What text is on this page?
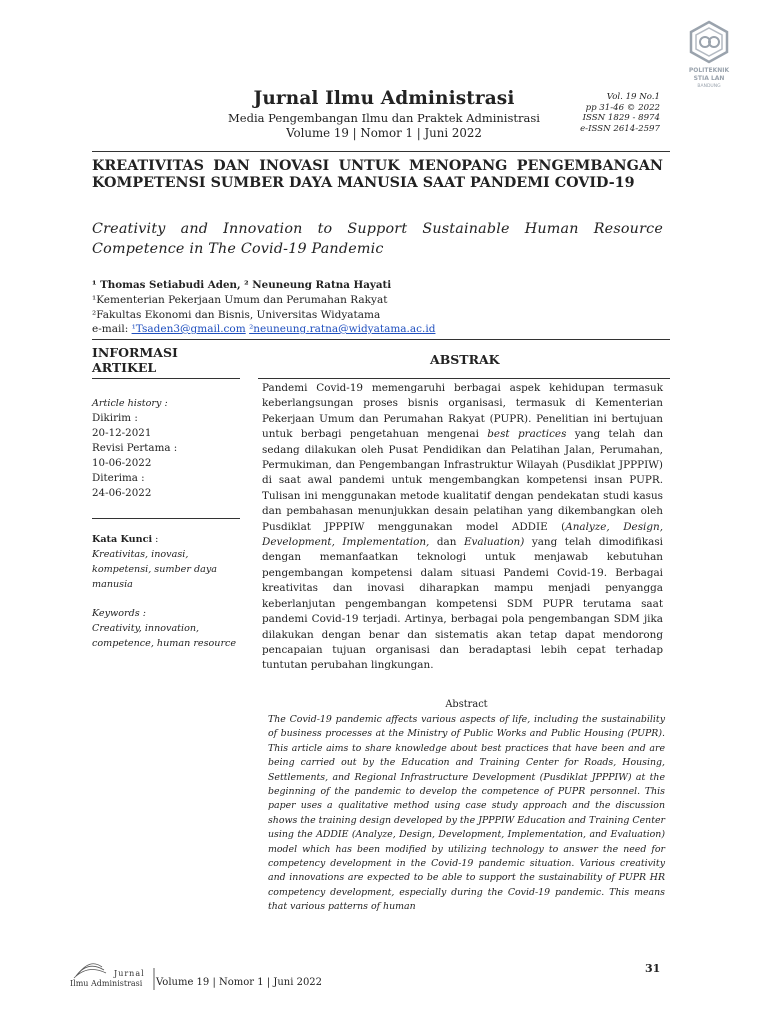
POLITEKNIK
STIA LAN
BANDUNG
Jurnal Ilmu Administrasi
Media Pengembangan Ilmu dan Praktek Administrasi
Volume 19 | Nomor 1 | Juni 2022
Vol. 19 No.1
pp 31-46 © 2022
ISSN 1829 - 8974
e-ISSN 2614-2597
KREATIVITAS DAN INOVASI UNTUK MENOPANG PENGEMBANGAN KOMPETENSI SUMBER DAYA MANUSIA SAAT PANDEMI COVID-19
Creativity and Innovation to Support Sustainable Human Resource Competence in The Covid-19 Pandemic
¹ Thomas Setiabudi Aden, ² Neuneung Ratna Hayati
¹Kementerian Pekerjaan Umum dan Perumahan Rakyat
²Fakultas Ekonomi dan Bisnis, Universitas Widyatama
e-mail: ¹Tsaden3@gmail.com ²neuneung.ratna@widyatama.ac.id
INFORMASI
ARTIKEL
ABSTRAK
Article history :
Dikirim :
20-12-2021
Revisi Pertama :
10-06-2022
Diterima :
24-06-2022
Kata Kunci :
Kreativitas, inovasi, kompetensi, sumber daya manusia
Keywords :
Creativity, innovation, competence, human resource
Pandemi Covid-19 memengaruhi berbagai aspek kehidupan termasuk keberlangsungan proses bisnis organisasi, termasuk di Kementerian Pekerjaan Umum dan Perumahan Rakyat (PUPR). Penelitian ini bertujuan untuk berbagi pengetahuan mengenai best practices yang telah dan sedang dilakukan oleh Pusat Pendidikan dan Pelatihan Jalan, Perumahan, Permukiman, dan Pengembangan Infrastruktur Wilayah (Pusdiklat JPPPIW) di saat awal pandemi untuk mengembangkan kompetensi insan PUPR. Tulisan ini menggunakan metode kualitatif dengan pendekatan studi kasus dan pembahasan menunjukkan desain pelatihan yang dikembangkan oleh Pusdiklat JPPPIW menggunakan model ADDIE (Analyze, Design, Development, Implementation, dan Evaluation) yang telah dimodifikasi dengan memanfaatkan teknologi untuk menjawab kebutuhan pengembangan kompetensi dalam situasi Pandemi Covid-19. Berbagai kreativitas dan inovasi diharapkan mampu menjadi penyangga keberlanjutan pengembangan kompetensi SDM PUPR terutama saat pandemi Covid-19 terjadi. Artinya, berbagai pola pengembangan SDM jika dilakukan dengan benar dan sistematis akan tetap dapat mendorong pencapaian tujuan organisasi dan beradaptasi lebih cepat terhadap tuntutan perubahan lingkungan.
Abstract
The Covid-19 pandemic affects various aspects of life, including the sustainability of business processes at the Ministry of Public Works and Public Housing (PUPR). This article aims to share knowledge about best practices that have been and are being carried out by the Education and Training Center for Roads, Housing, Settlements, and Regional Infrastructure Development (Pusdiklat JPPPIW) at the beginning of the pandemic to develop the competence of PUPR personnel. This paper uses a qualitative method using case study approach and the discussion shows the training design developed by the JPPPIW Education and Training Center using the ADDIE (Analyze, Design, Development, Implementation, and Evaluation) model which has been modified by utilizing technology to answer the need for competency development in the Covid-19 pandemic situation. Various creativity and innovations are expected to be able to support the sustainability of PUPR HR competency development, especially during the Covid-19 pandemic. This means that various patterns of human
Jurnal
Ilmu Administrasi Volume 19 | Nomor 1 | Juni 2022
31
